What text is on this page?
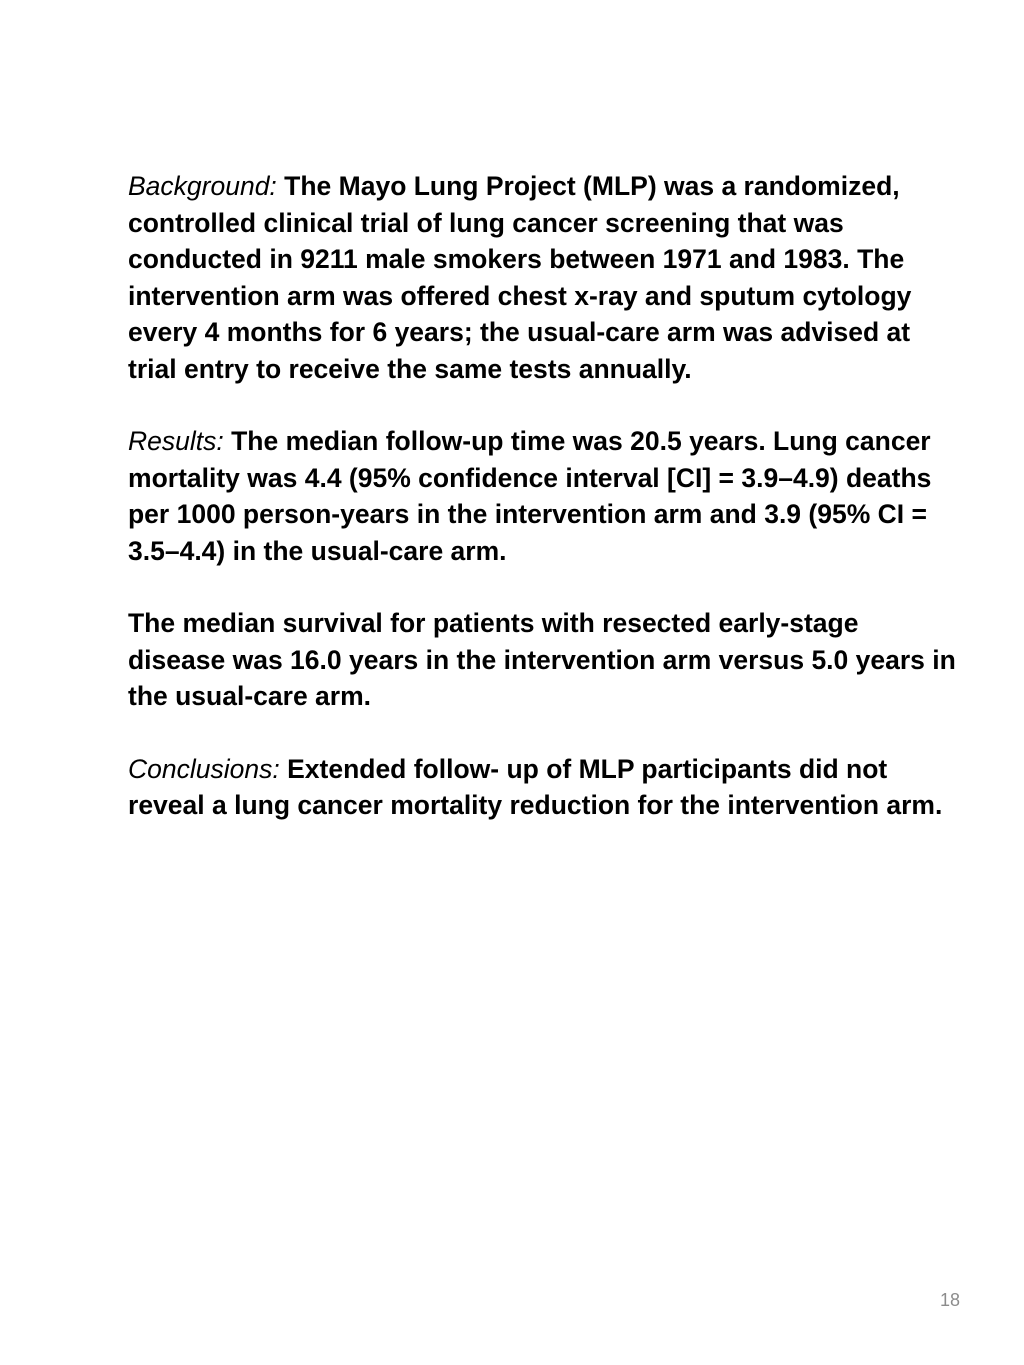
Background: The Mayo Lung Project (MLP) was a randomized, controlled clinical trial of lung cancer screening that was conducted in 9211 male smokers between 1971 and 1983. The intervention arm was offered chest x-ray and sputum cytology every 4 months for 6 years; the usual-care arm was advised at trial entry to receive the same tests annually.

Results: The median follow-up time was 20.5 years. Lung cancer mortality was 4.4 (95% confidence interval [CI] = 3.9–4.9) deaths per 1000 person-years in the intervention arm and 3.9 (95% CI = 3.5–4.4) in the usual-care arm.

The median survival for patients with resected early-stage disease was 16.0 years in the intervention arm versus 5.0 years in the usual-care arm.

Conclusions: Extended follow- up of MLP participants did not reveal a lung cancer mortality reduction for the intervention arm.

18
